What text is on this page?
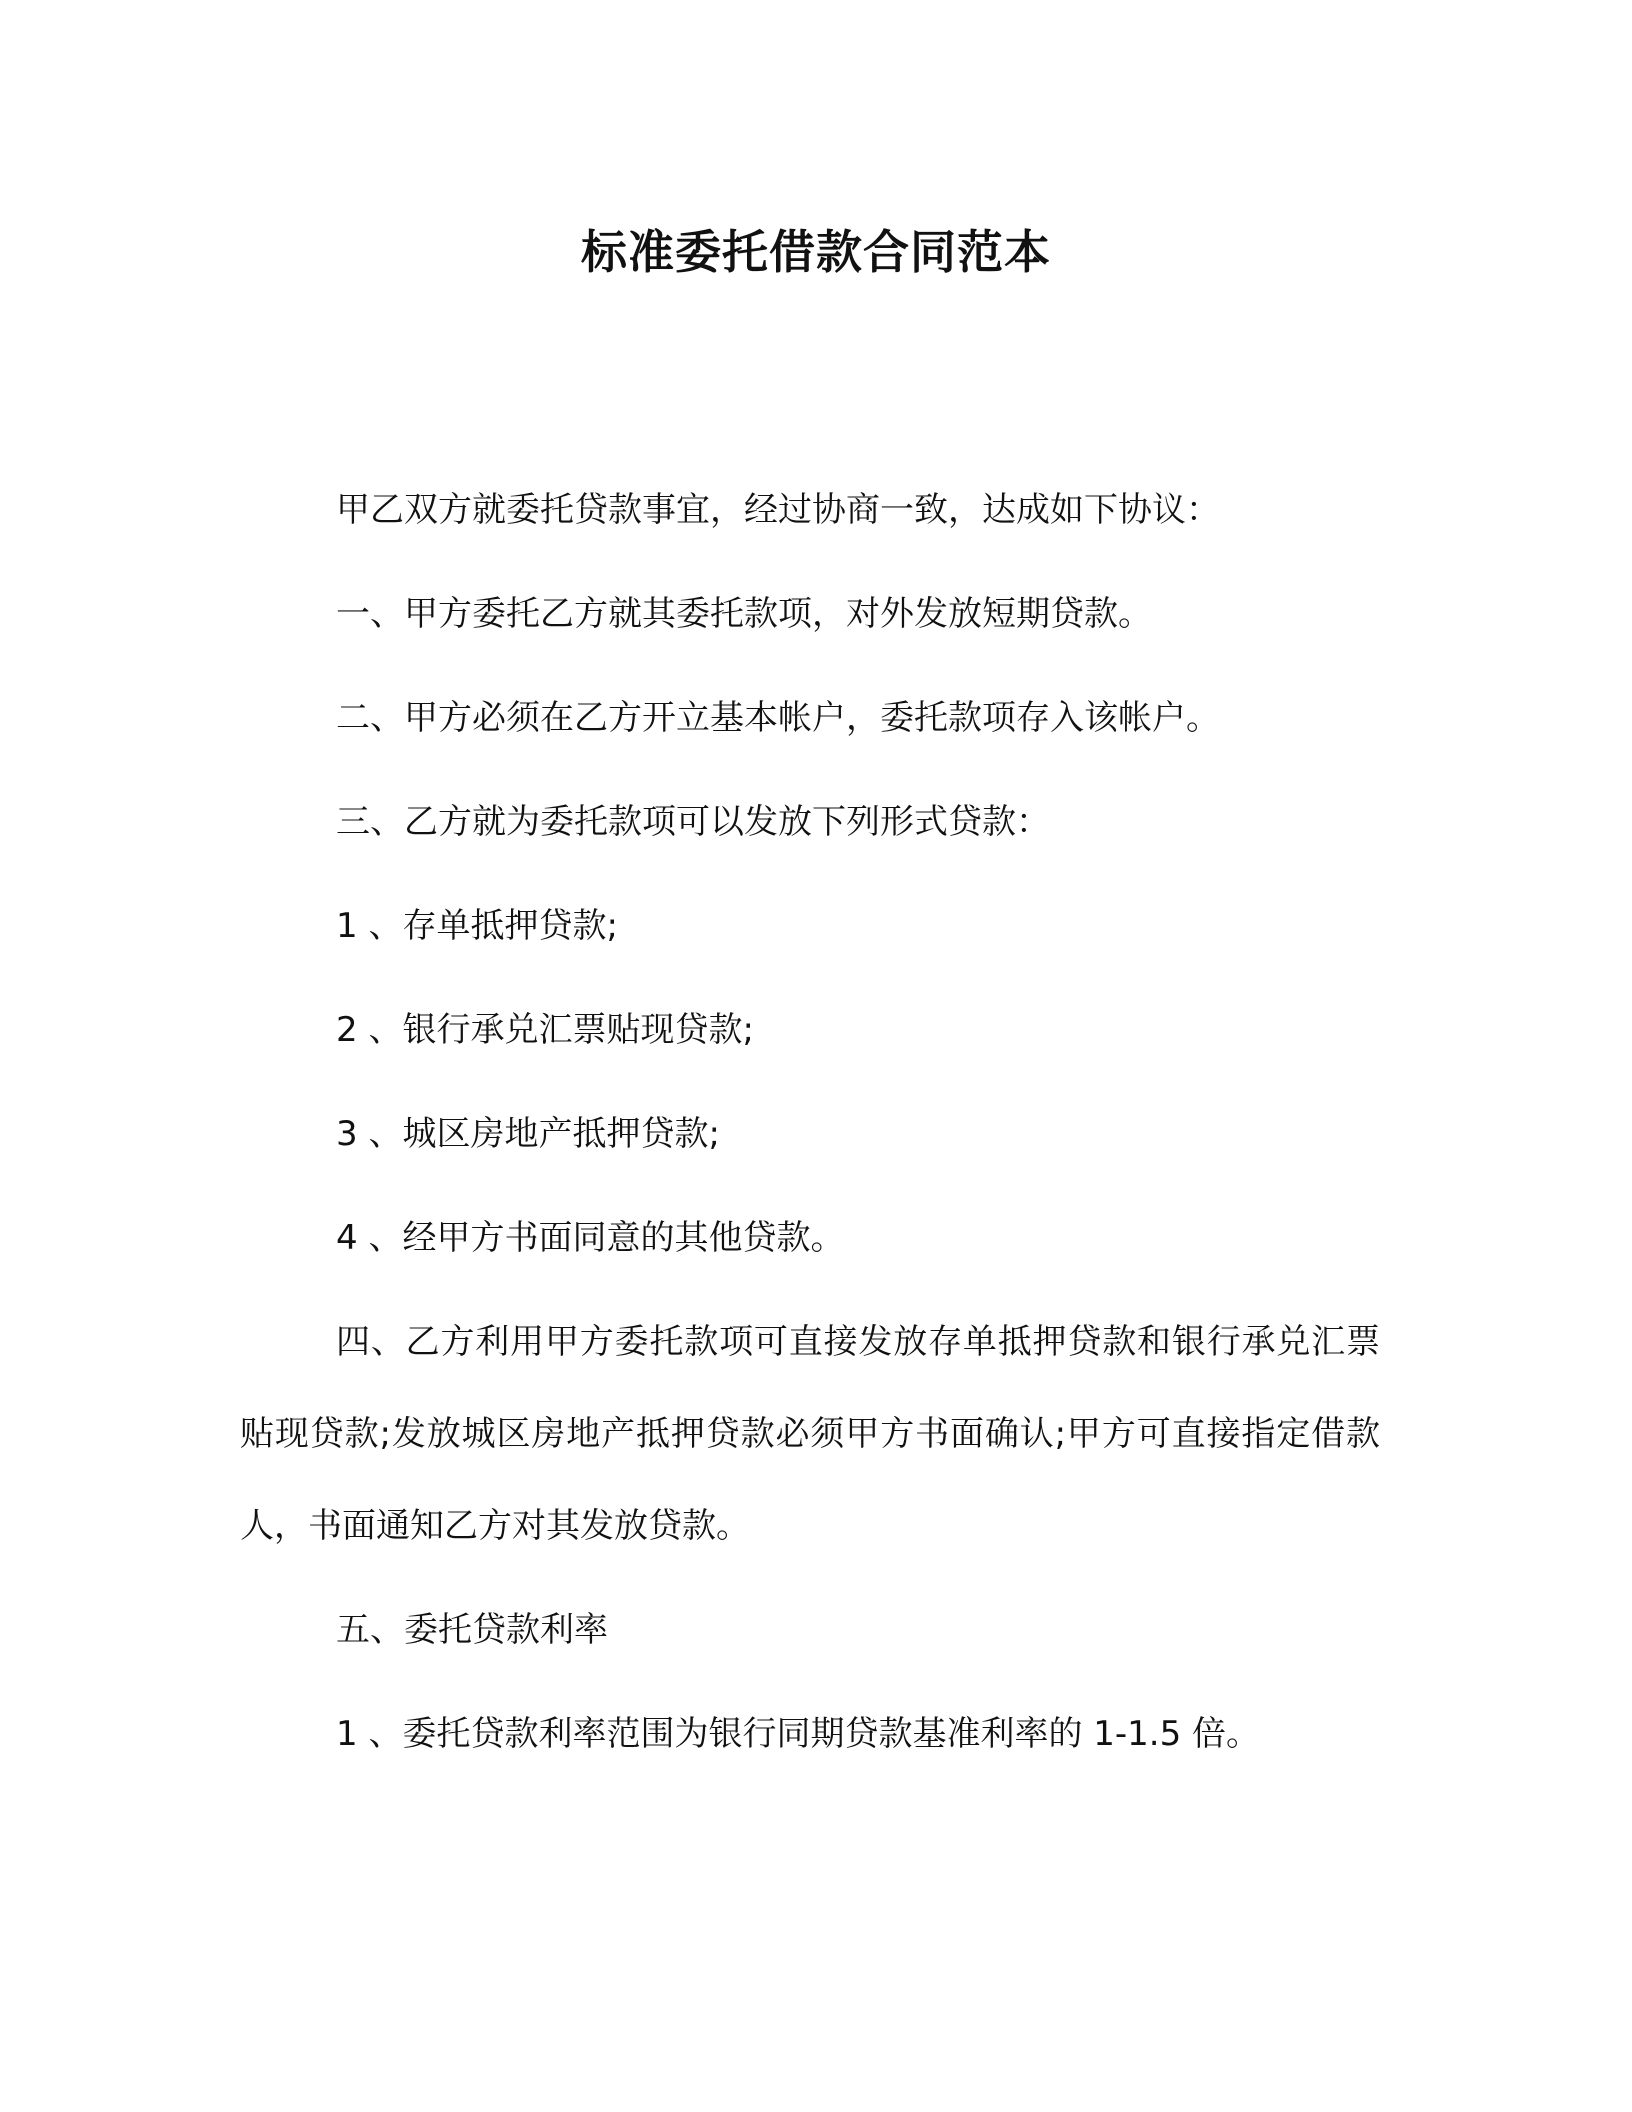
标准委托借款合同范本

甲乙双方就委托贷款事宜，经过协商一致，达成如下协议：

一、甲方委托乙方就其委托款项，对外发放短期贷款。

二、甲方必须在乙方开立基本帐户，委托款项存入该帐户。

三、乙方就为委托款项可以发放下列形式贷款：

1 、存单抵押贷款;

2 、银行承兑汇票贴现贷款;

3 、城区房地产抵押贷款;

4 、经甲方书面同意的其他贷款。

四、乙方利用甲方委托款项可直接发放存单抵押贷款和银行承兑汇票贴现贷款;发放城区房地产抵押贷款必须甲方书面确认;甲方可直接指定借款人，书面通知乙方对其发放贷款。

五、委托贷款利率

1 、委托贷款利率范围为银行同期贷款基准利率的 1-1.5 倍。
